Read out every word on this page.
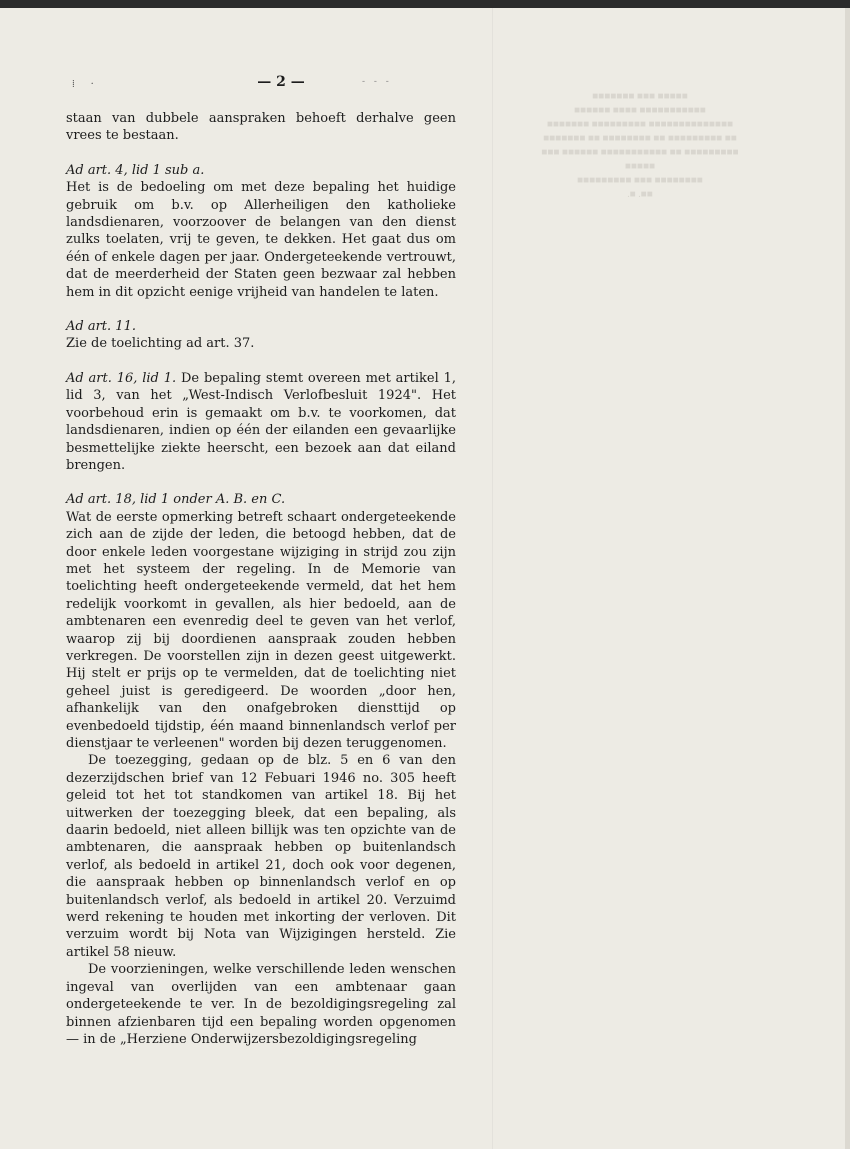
■■■■■ ■■■ ■■■■■■■
■■■■■■■■■■■ ■■■■ ■■■■■■
■■■■■■■■■■■■■■ ■■■■■■■■■ ■■■■■■■
■■ ■■■■■■■■■ ■■ ■■■■■■■■ ■■ ■■■■■■■
■■■■■■■■■ ■■ ■■■■■■■■■■■ ■■■■■■ ■■■
■■■■■
■■■■■■■■ ■■■ ■■■■■■■■■
■■. ■.
⁞     ·	- - -
— 2 —

staan van dubbele aanspraken behoeft derhalve geen vrees te bestaan.

Ad art. 4, lid 1 sub a.
Het is de bedoeling om met deze bepaling het huidige gebruik om b.v. op Allerheiligen den katholieke landsdienaren, voorzoover de belangen van den dienst zulks toelaten, vrij te geven, te dekken. Het gaat dus om één of enkele dagen per jaar. Ondergeteekende vertrouwt, dat de meerderheid der Staten geen bezwaar zal hebben hem in dit opzicht eenige vrijheid van handelen te laten.

Ad art. 11.
Zie de toelichting ad art. 37.

Ad art. 16, lid 1. De bepaling stemt overeen met artikel 1, lid 3, van het „West-Indisch Verlofbesluit 1924". Het voorbehoud erin is gemaakt om b.v. te voorkomen, dat landsdienaren, indien op één der eilanden een gevaarlijke besmettelijke ziekte heerscht, een bezoek aan dat eiland brengen.

Ad art. 18, lid 1 onder A. B. en C.
Wat de eerste opmerking betreft schaart ondergeteekende zich aan de zijde der leden, die betoogd hebben, dat de door enkele leden voorgestane wijziging in strijd zou zijn met het systeem der regeling. In de Memorie van toelichting heeft ondergeteekende vermeld, dat het hem redelijk voorkomt in gevallen, als hier bedoeld, aan de ambtenaren een evenredig deel te geven van het verlof, waarop zij bij doordienen aanspraak zouden hebben verkregen. De voorstellen zijn in dezen geest uitgewerkt. Hij stelt er prijs op te vermelden, dat de toelichting niet geheel juist is geredigeerd. De woorden „door hen, afhankelijk van den onafgebroken diensttijd op evenbedoeld tijdstip, één maand binnenlandsch verlof per dienstjaar te verleenen" worden bij dezen teruggenomen.

De toezegging, gedaan op de blz. 5 en 6 van den dezerzijdschen brief van 12 Febuari 1946 no. 305 heeft geleid tot het tot standkomen van artikel 18. Bij het uitwerken der toezegging bleek, dat een bepaling, als daarin bedoeld, niet alleen billijk was ten opzichte van de ambtenaren, die aanspraak hebben op buitenlandsch verlof, als bedoeld in artikel 21, doch ook voor degenen, die aanspraak hebben op binnenlandsch verlof en op buitenlandsch verlof, als bedoeld in artikel 20. Verzuimd werd rekening te houden met inkorting der verloven. Dit verzuim wordt bij Nota van Wijzigingen hersteld. Zie artikel 58 nieuw.

De voorzieningen, welke verschillende leden wenschen ingeval van overlijden van een ambtenaar gaan ondergeteekende te ver. In de bezoldigingsregeling zal binnen afzienbaren tijd een bepaling worden opgenomen — in de „Herziene Onderwijzersbezoldigingsregeling
